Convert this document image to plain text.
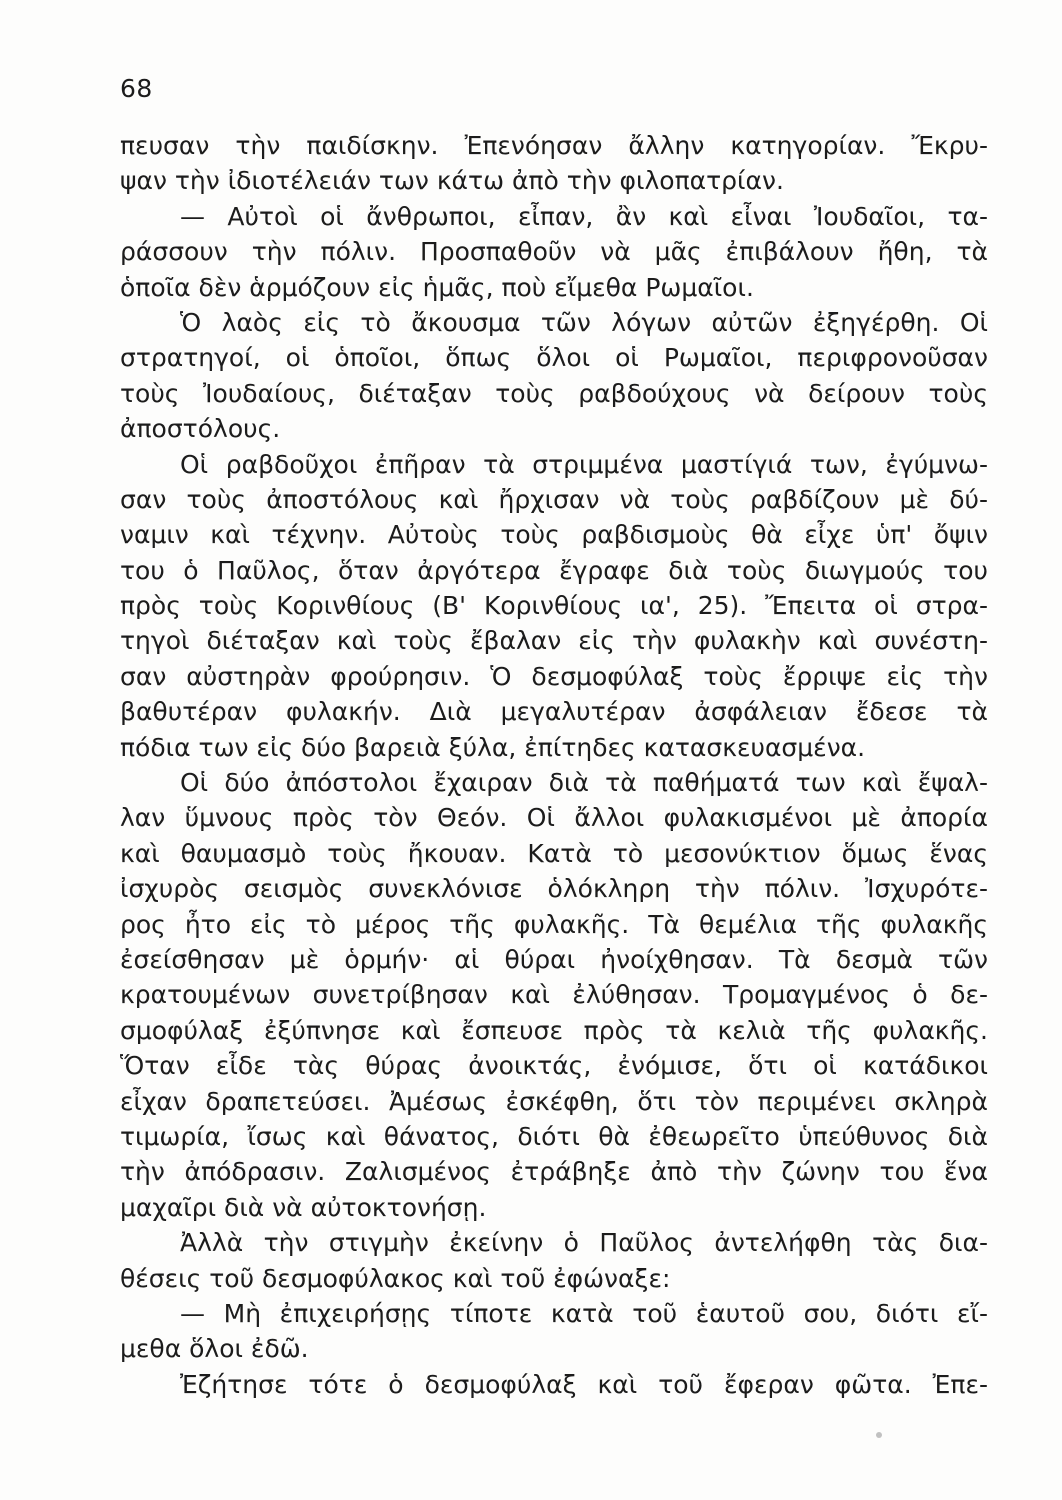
68
πευσαν τὴν παιδίσκην. Ἐπενόησαν ἄλλην κατηγορίαν. Ἔκρυ-
ψαν τὴν ἰδιοτέλειάν των κάτω ἀπὸ τὴν φιλοπατρίαν.
— Αὐτοὶ οἱ ἄνθρωποι, εἶπαν, ἂν καὶ εἶναι Ἰουδαῖοι, τα-
ράσσουν τὴν πόλιν. Προσπαθοῦν νὰ μᾶς ἐπιβάλουν ἤθη, τὰ
ὁποῖα δὲν ἁρμόζουν εἰς ἡμᾶς, ποὺ εἴμεθα Ρωμαῖοι.
Ὁ λαὸς εἰς τὸ ἄκουσμα τῶν λόγων αὐτῶν ἐξηγέρθη. Οἱ
στρατηγοί, οἱ ὁποῖοι, ὅπως ὅλοι οἱ Ρωμαῖοι, περιφρονοῦσαν
τοὺς Ἰουδαίους, διέταξαν τοὺς ραβδούχους νὰ δείρουν τοὺς
ἀποστόλους.
Οἱ ραβδοῦχοι ἐπῆραν τὰ στριμμένα μαστίγιά των, ἐγύμνω-
σαν τοὺς ἀποστόλους καὶ ἤρχισαν νὰ τοὺς ραβδίζουν μὲ δύ-
ναμιν καὶ τέχνην. Αὐτοὺς τοὺς ραβδισμοὺς θὰ εἶχε ὑπ' ὄψιν
του ὁ Παῦλος, ὅταν ἀργότερα ἔγραφε διὰ τοὺς διωγμούς του
πρὸς τοὺς Κορινθίους (Β' Κορινθίους ια', 25). Ἔπειτα οἱ στρα-
τηγοὶ διέταξαν καὶ τοὺς ἔβαλαν εἰς τὴν φυλακὴν καὶ συνέστη-
σαν αὐστηρὰν φρούρησιν. Ὁ δεσμοφύλαξ τοὺς ἔρριψε εἰς τὴν
βαθυτέραν φυλακήν. Διὰ μεγαλυτέραν ἀσφάλειαν ἔδεσε τὰ
πόδια των εἰς δύο βαρειὰ ξύλα, ἐπίτηδες κατασκευασμένα.
Οἱ δύο ἀπόστολοι ἔχαιραν διὰ τὰ παθήματά των καὶ ἔψαλ-
λαν ὕμνους πρὸς τὸν Θεόν. Οἱ ἄλλοι φυλακισμένοι μὲ ἀπορία
καὶ θαυμασμὸ τοὺς ἤκουαν. Κατὰ τὸ μεσονύκτιον ὅμως ἕνας
ἰσχυρὸς σεισμὸς συνεκλόνισε ὁλόκληρη τὴν πόλιν. Ἰσχυρότε-
ρος ἦτο εἰς τὸ μέρος τῆς φυλακῆς. Τὰ θεμέλια τῆς φυλακῆς
ἐσείσθησαν μὲ ὁρμήν· αἱ θύραι ἠνοίχθησαν. Τὰ δεσμὰ τῶν
κρατουμένων συνετρίβησαν καὶ ἐλύθησαν. Τρομαγμένος ὁ δε-
σμοφύλαξ ἐξύπνησε καὶ ἔσπευσε πρὸς τὰ κελιὰ τῆς φυλακῆς.
Ὅταν εἶδε τὰς θύρας ἀνοικτάς, ἐνόμισε, ὅτι οἱ κατάδικοι
εἶχαν δραπετεύσει. Ἀμέσως ἐσκέφθη, ὅτι τὸν περιμένει σκληρὰ
τιμωρία, ἴσως καὶ θάνατος, διότι θὰ ἐθεωρεῖτο ὑπεύθυνος διὰ
τὴν ἀπόδρασιν. Ζαλισμένος ἐτράβηξε ἀπὸ τὴν ζώνην του ἕνα
μαχαῖρι διὰ νὰ αὐτοκτονήσῃ.
Ἀλλὰ τὴν στιγμὴν ἐκείνην ὁ Παῦλος ἀντελήφθη τὰς δια-
θέσεις τοῦ δεσμοφύλακος καὶ τοῦ ἐφώναξε:
— Μὴ ἐπιχειρήσῃς τίποτε κατὰ τοῦ ἑαυτοῦ σου, διότι εἴ-
μεθα ὅλοι ἐδῶ.
Ἐζήτησε τότε ὁ δεσμοφύλαξ καὶ τοῦ ἔφεραν φῶτα. Ἐπε-
